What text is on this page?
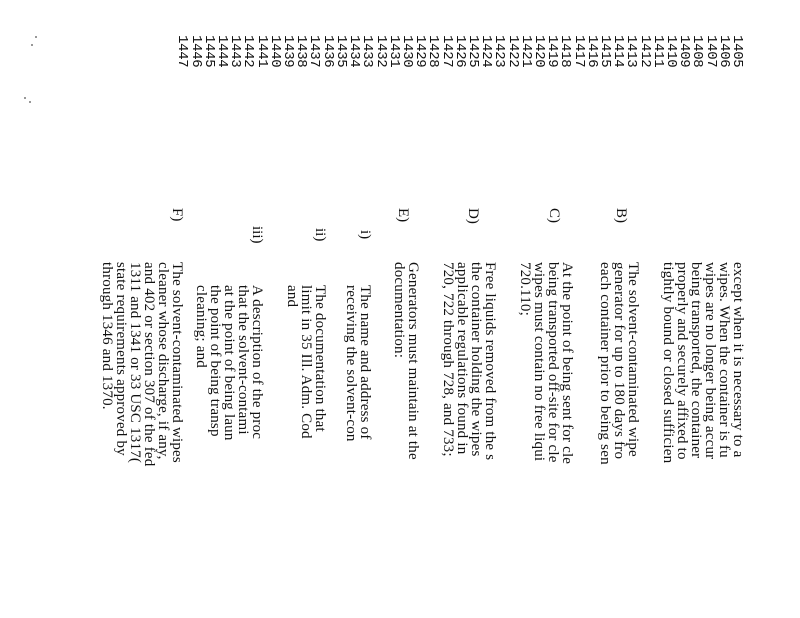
1405
1406
1407
1408
1409
1410
1411
1412
1413
1414
1415
1416
1417
1418
1419
1420
1421
1422
1423
1424
1425
1426
1427
1428
1429
1430
1431
1432
1433
1434
1435
1436
1437
1438
1439
1440
1441
1442
1443
1444
1445
1446
1447
B)
C)
D)
E)
F)
i)
ii)
iii)
except when it is necessary to a
wipes. When the container is fu
wipes are no longer being accur
being transported, the container
properly and securely affixed to
tightly bound or closed sufficien
The solvent-contaminated wipe
generator for up to 180 days fro
each container prior to being sen
At the point of being sent for cle
being transported off-site for cle
wipes must contain no free liqui
720.110;
Free liquids removed from the s
the container holding the wipes
applicable regulations found in
720, 722 through 728, and 733;
Generators must maintain at the
documentation:
The name and address of
receiving the solvent-con
The documentation that
limit in 35 Ill. Adm. Cod
and
A description of the proc
that the solvent-contami
at the point of being laun
the point of being transp
cleaning; and
The solvent-contaminated wipes
cleaner whose discharge, if any,
and 402 or section 307 of the fed
1311 and 1341 or 33 USC 1317(
state requirements approved by
through 1346 and 1370.
